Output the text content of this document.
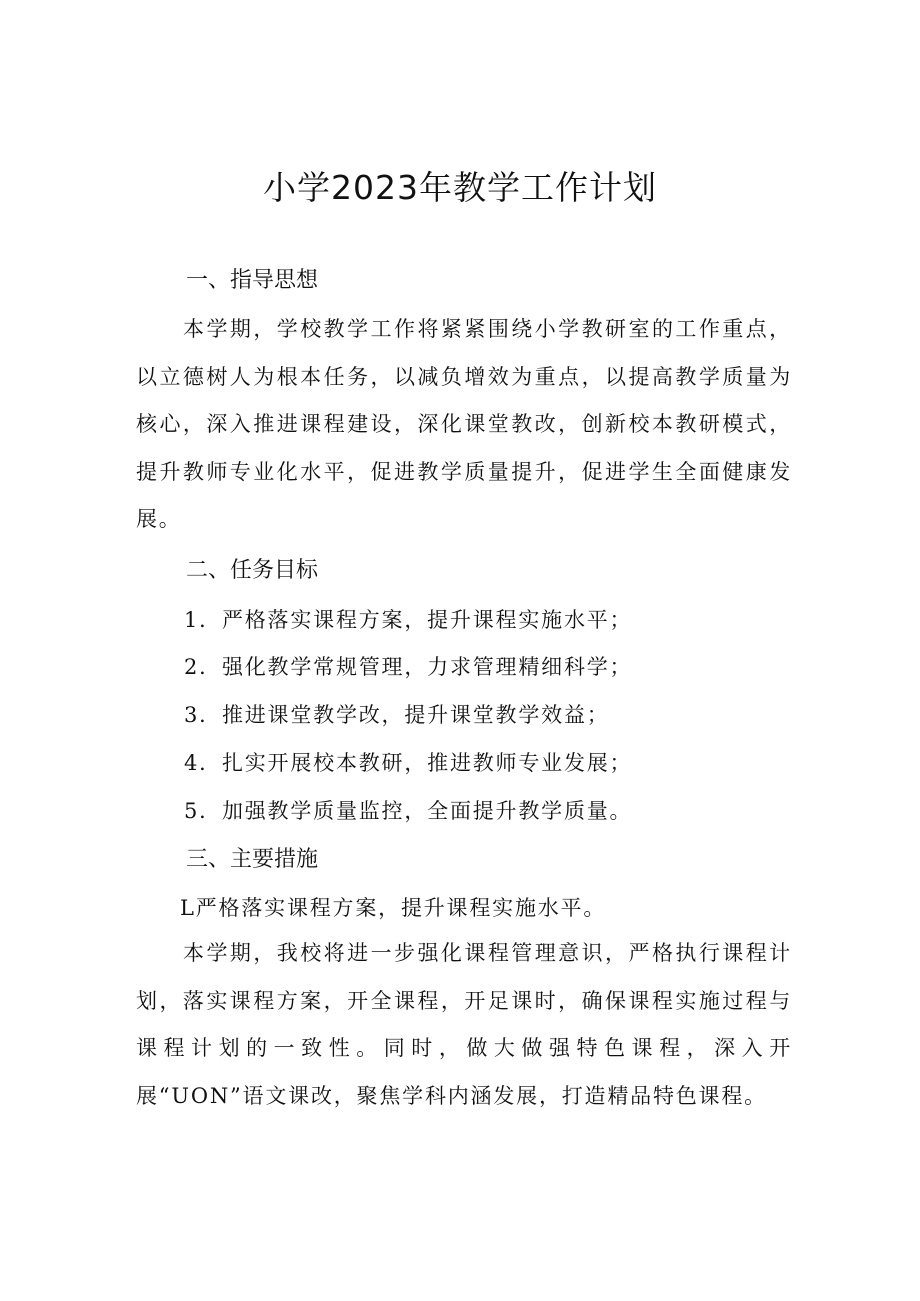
小学2023年教学工作计划
一、指导思想
本学期，学校教学工作将紧紧围绕小学教研室的工作重点，以立德树人为根本任务，以减负增效为重点，以提高教学质量为核心，深入推进课程建设，深化课堂教改，创新校本教研模式，提升教师专业化水平，促进教学质量提升，促进学生全面健康发展。
二、任务目标
1．严格落实课程方案，提升课程实施水平；
2．强化教学常规管理，力求管理精细科学；
3．推进课堂教学改，提升课堂教学效益；
4．扎实开展校本教研，推进教师专业发展；
5．加强教学质量监控，全面提升教学质量。
三、主要措施
L严格落实课程方案，提升课程实施水平。
本学期，我校将进一步强化课程管理意识，严格执行课程计划，落实课程方案，开全课程，开足课时，确保课程实施过程与课程计划的一致性。同时，做大做强特色课程，深入开展“UON”语文课改，聚焦学科内涵发展，打造精品特色课程。
